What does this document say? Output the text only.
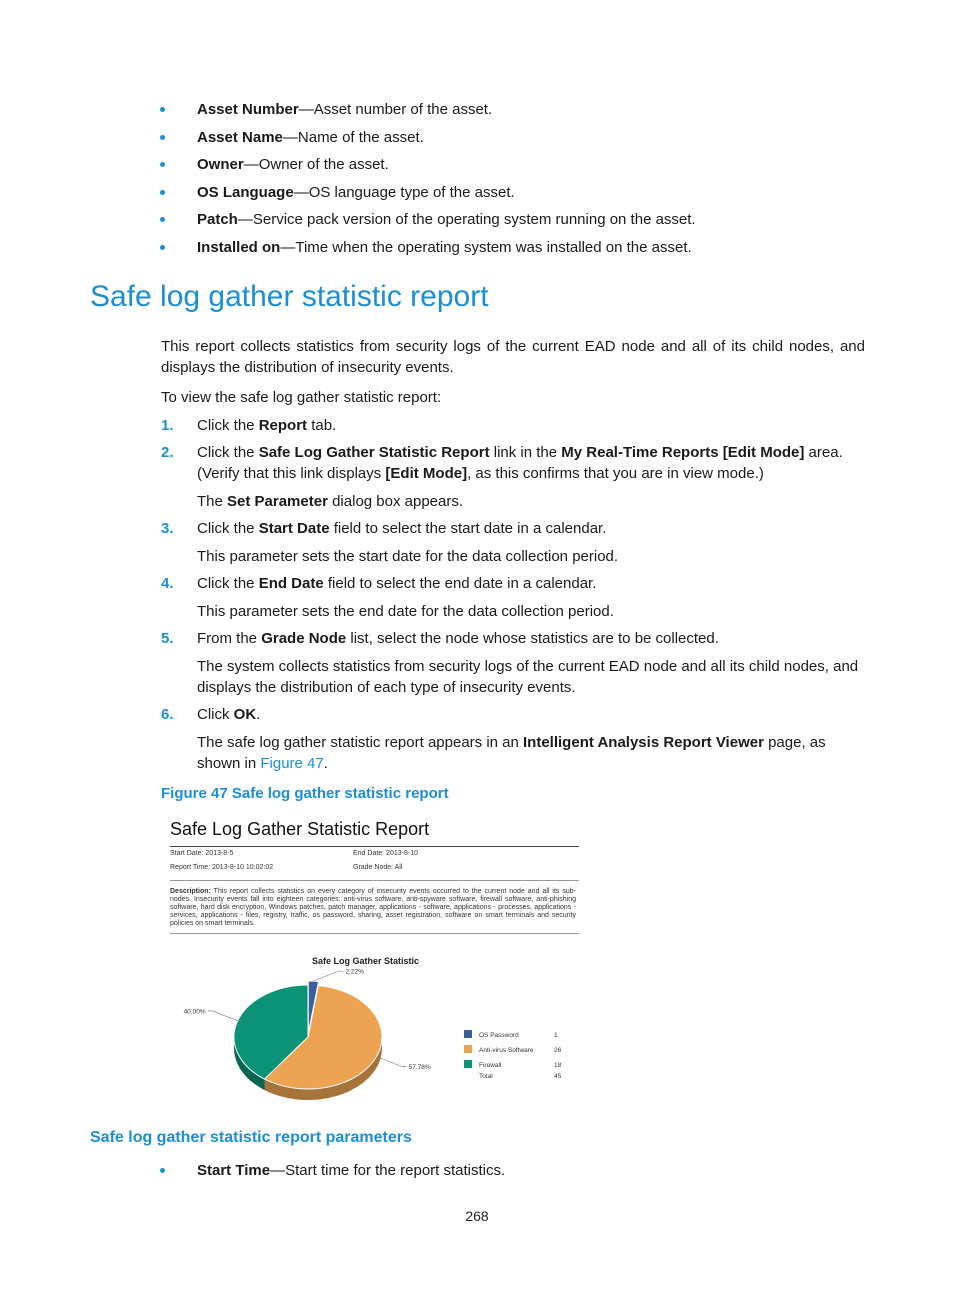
Asset Number—Asset number of the asset.
Asset Name—Name of the asset.
Owner—Owner of the asset.
OS Language—OS language type of the asset.
Patch—Service pack version of the operating system running on the asset.
Installed on—Time when the operating system was installed on the asset.
Safe log gather statistic report
This report collects statistics from security logs of the current EAD node and all of its child nodes, and displays the distribution of insecurity events.
To view the safe log gather statistic report:
1. Click the Report tab.
2. Click the Safe Log Gather Statistic Report link in the My Real-Time Reports [Edit Mode] area. (Verify that this link displays [Edit Mode], as this confirms that you are in view mode.)
The Set Parameter dialog box appears.
3. Click the Start Date field to select the start date in a calendar.
This parameter sets the start date for the data collection period.
4. Click the End Date field to select the end date in a calendar.
This parameter sets the end date for the data collection period.
5. From the Grade Node list, select the node whose statistics are to be collected.
The system collects statistics from security logs of the current EAD node and all its child nodes, and displays the distribution of each type of insecurity events.
6. Click OK.
The safe log gather statistic report appears in an Intelligent Analysis Report Viewer page, as shown in Figure 47.
Figure 47 Safe log gather statistic report
Safe Log Gather Statistic Report
Start Date: 2013-8-5	End Date: 2013-8-10
Report Time: 2013-8-10 10:02:02	Grade Node: All
Description: This report collects statistics on every category of insecurity events occurred to the current node and all its sub-nodes. Insecurity events fall into eighteen categories: anti-virus software, anti-spyware software, firewall software, anti-phishing software, hard disk encryption, Windows patches, patch manager, applications - software, applications - processes, applications - services, applications - files, registry, traffic, os password, sharing, asset registration, software on smart terminals and security policies on smart terminals.
Safe Log Gather Statistic
2.22%
57.78%
40.00%
OS Password	1
Anti-virus Software	26
Firewall	18
Total	45
Safe log gather statistic report parameters
Start Time—Start time for the report statistics.
268
